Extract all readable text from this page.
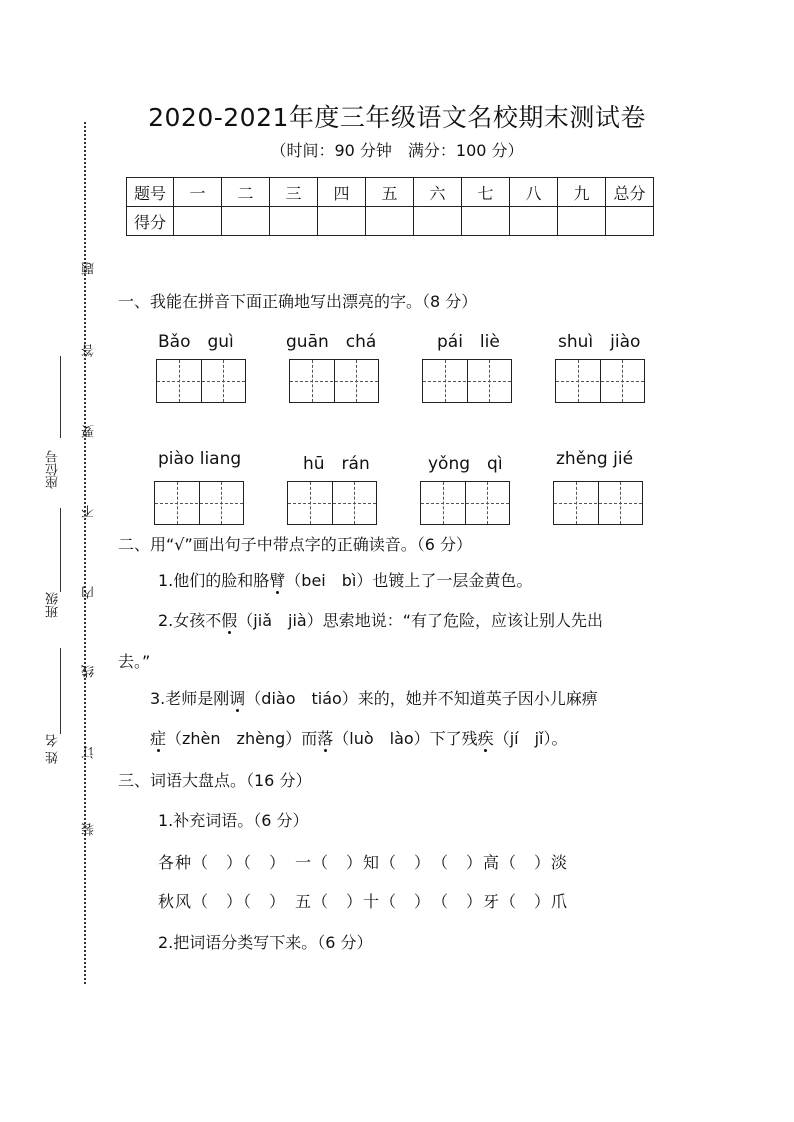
题
答
要
不
内
线
订
装
座位号
班级
姓 名
2020-2021年度三年级语文名校期末测试卷
（时间：90 分钟　满分：100 分）
题号	一	二	三	四	五	六	七	八	九	总分
得分										
一、我能在拼音下面正确地写出漂亮的字。（8 分）
Bǎo　guì	guān　chá	pái　liè	shuì　jiào
piào liang	hū　rán	yǒng　qì	zhěng jié
二、用“√”画出句子中带点字的正确读音。（6 分）
1.他们的脸和胳臂（bei　bì）也镀上了一层金黄色。
2.女孩不假（jiǎ　jià）思索地说：“有了危险，应该让别人先出
去。”
3.老师是刚调（diào　tiáo）来的，她并不知道英子因小儿麻痹
症（zhèn　zhèng）而落（luò　lào）下了残疾（jí　jǐ）。
三、词语大盘点。（16 分）
1.补充词语。（6 分）
各种（　）（　）　一（　）知（　）　（　）高（　）淡
秋风（　）（　）　五（　）十（　）　（　）牙（　）爪
2.把词语分类写下来。（6 分）
